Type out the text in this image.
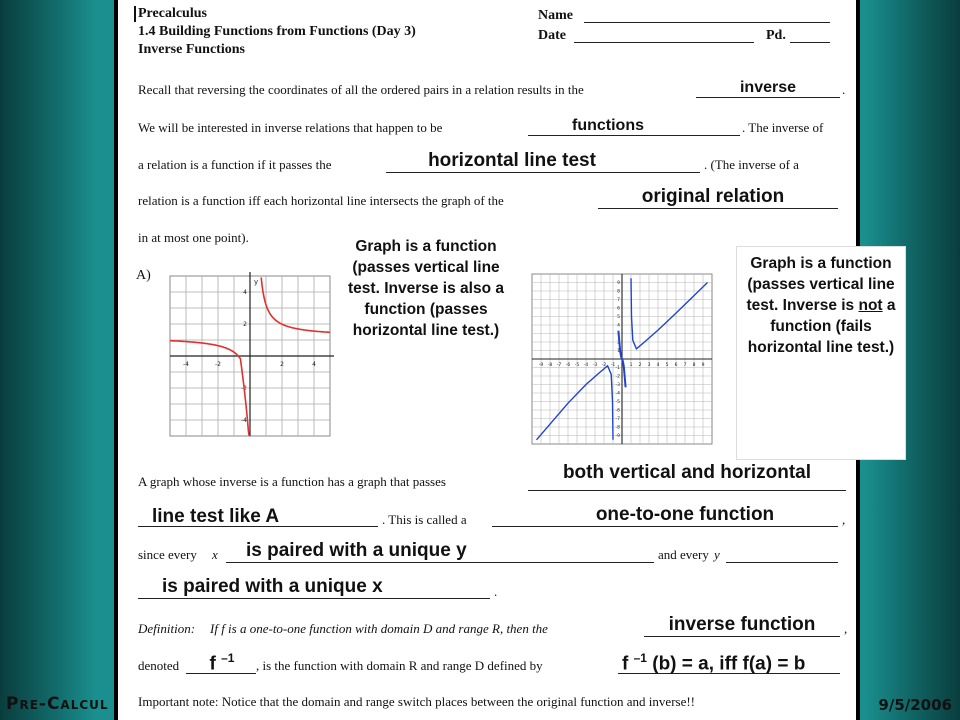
Pre-Calcul	9/5/2006
Precalculus
1.4 Building Functions from Functions (Day 3)
Inverse Functions
Name
Date	Pd.
Recall that reversing the coordinates of all the ordered pairs in a relation results in the	inverse	.
We will be interested in inverse relations that happen to be	functions	. The inverse of
a relation is a function if it passes the	horizontal line test	. (The inverse of a
relation is a function iff each horizontal line intersects the graph of the	original relation
in at most one point).
A)
-4	-2	2	4
4
2
-2
-4
y
-9 -8 -7 -6 -5 -4 -3 -2 -1	1 2 3 4 5 6 7 8 9
9
8
7
6
5
4
3
2
1
-1
-2
-3
-4
-5
-6
-7
-8
-9
Graph is a function (passes vertical line test. Inverse is also a function (passes horizontal line test.)
Graph is a function (passes vertical line test. Inverse is not a function (fails horizontal line test.)
A graph whose inverse is a function has a graph that passes	both vertical and horizontal
line test like A	. This is called a	one-to-one function	,
since every x is paired with a unique y	and every y
is paired with a unique x	.
Definition: If f is a one-to-one function with domain D and range R, then the	inverse function	,
denoted	f $^{-1}$	, is the function with domain R and range D defined by	f $^{-1}$ (b) = a, iff f(a) = b
Important note: Notice that the domain and range switch places between the original function and inverse!!
